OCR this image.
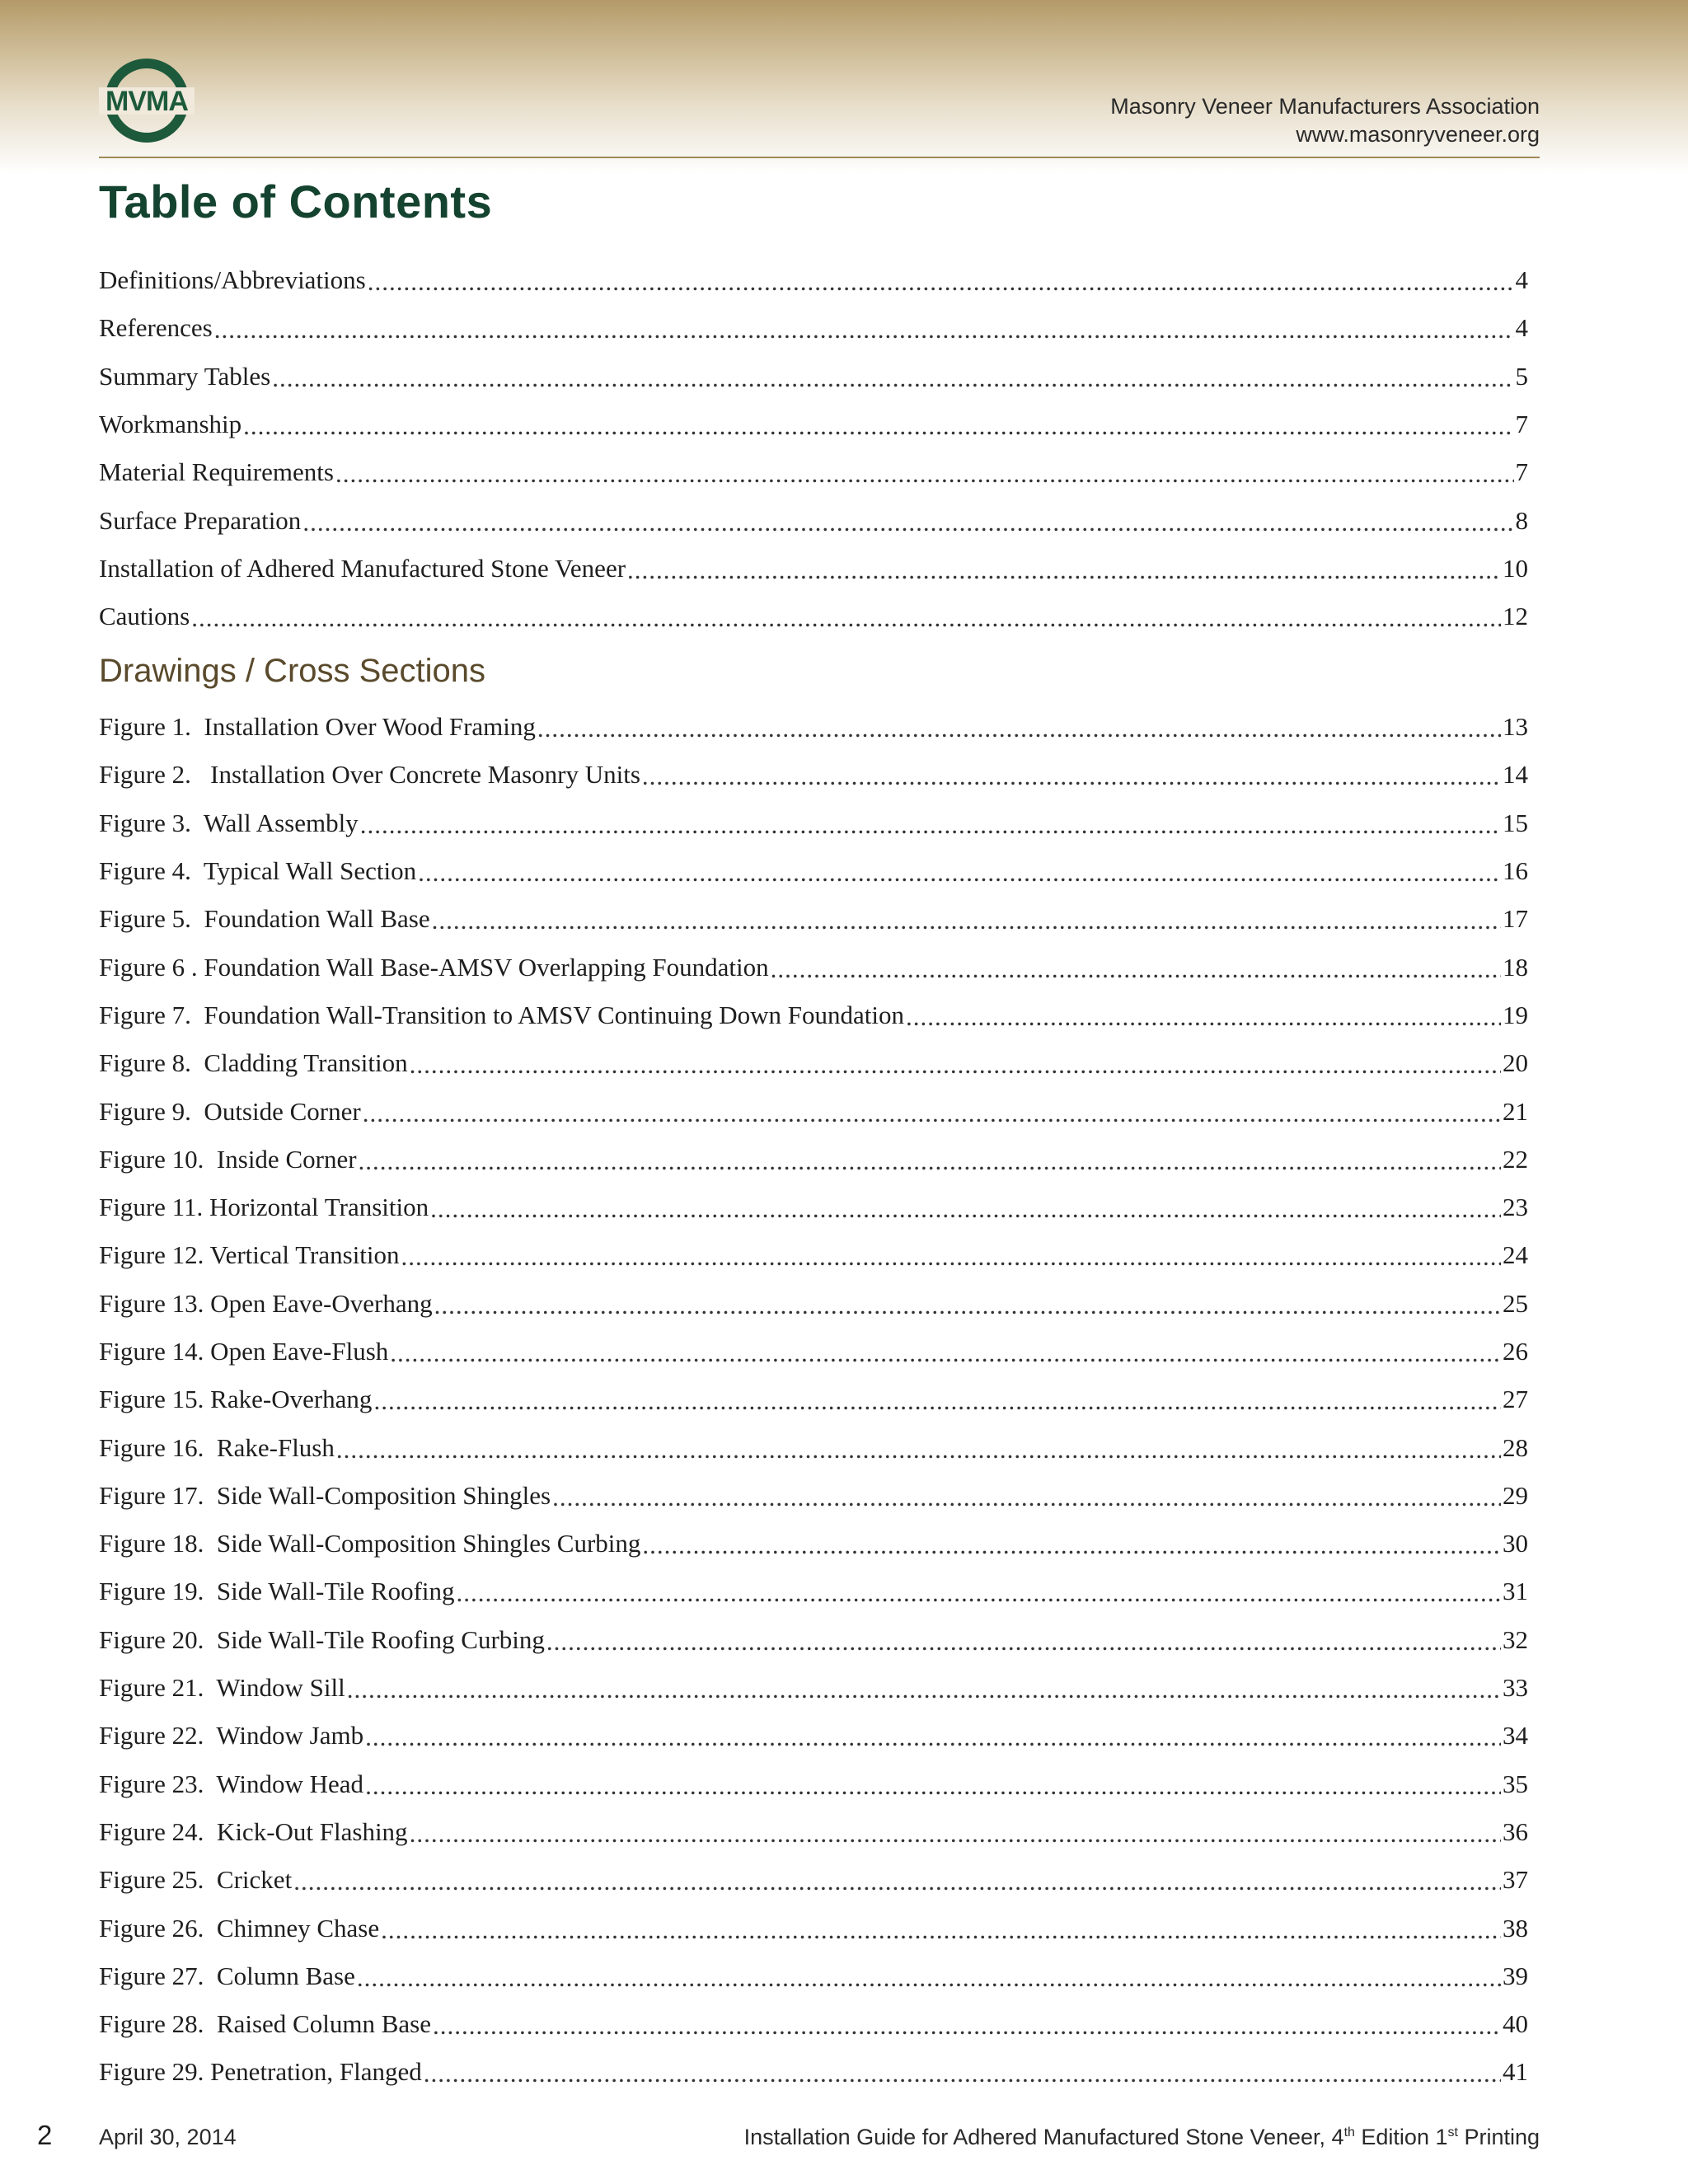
MVMA	Masonry Veneer Manufacturers Association
www.masonryveneer.org
Table of Contents
Definitions/Abbreviations .....	4
References .....	4
Summary Tables .....	5
Workmanship .....	7
Material Requirements .....	7
Surface Preparation .....	8
Installation of Adhered Manufactured Stone Veneer .....	10
Cautions .....	12
Drawings / Cross Sections
Figure 1.  Installation Over Wood Framing .....	13
Figure 2.   Installation Over Concrete Masonry Units .....	14
Figure 3.  Wall Assembly .....	15
Figure 4.  Typical Wall Section .....	16
Figure 5.  Foundation Wall Base .....	17
Figure 6 . Foundation Wall Base-AMSV Overlapping Foundation .....	18
Figure 7.  Foundation Wall-Transition to AMSV Continuing Down Foundation .....	19
Figure 8.  Cladding Transition .....	20
Figure 9.  Outside Corner .....	21
Figure 10.  Inside Corner .....	22
Figure 11. Horizontal Transition .....	23
Figure 12. Vertical Transition .....	24
Figure 13. Open Eave-Overhang .....	25
Figure 14. Open Eave-Flush .....	26
Figure 15. Rake-Overhang .....	27
Figure 16.  Rake-Flush .....	28
Figure 17.  Side Wall-Composition Shingles .....	29
Figure 18.  Side Wall-Composition Shingles Curbing .....	30
Figure 19.  Side Wall-Tile Roofing .....	31
Figure 20.  Side Wall-Tile Roofing Curbing .....	32
Figure 21.  Window Sill .....	33
Figure 22.  Window Jamb .....	34
Figure 23.  Window Head .....	35
Figure 24.  Kick-Out Flashing .....	36
Figure 25.  Cricket .....	37
Figure 26.  Chimney Chase .....	38
Figure 27.  Column Base .....	39
Figure 28.  Raised Column Base .....	40
Figure 29. Penetration, Flanged .....	41
2 April 30, 2014	Installation Guide for Adhered Manufactured Stone Veneer, 4th Edition 1st Printing
